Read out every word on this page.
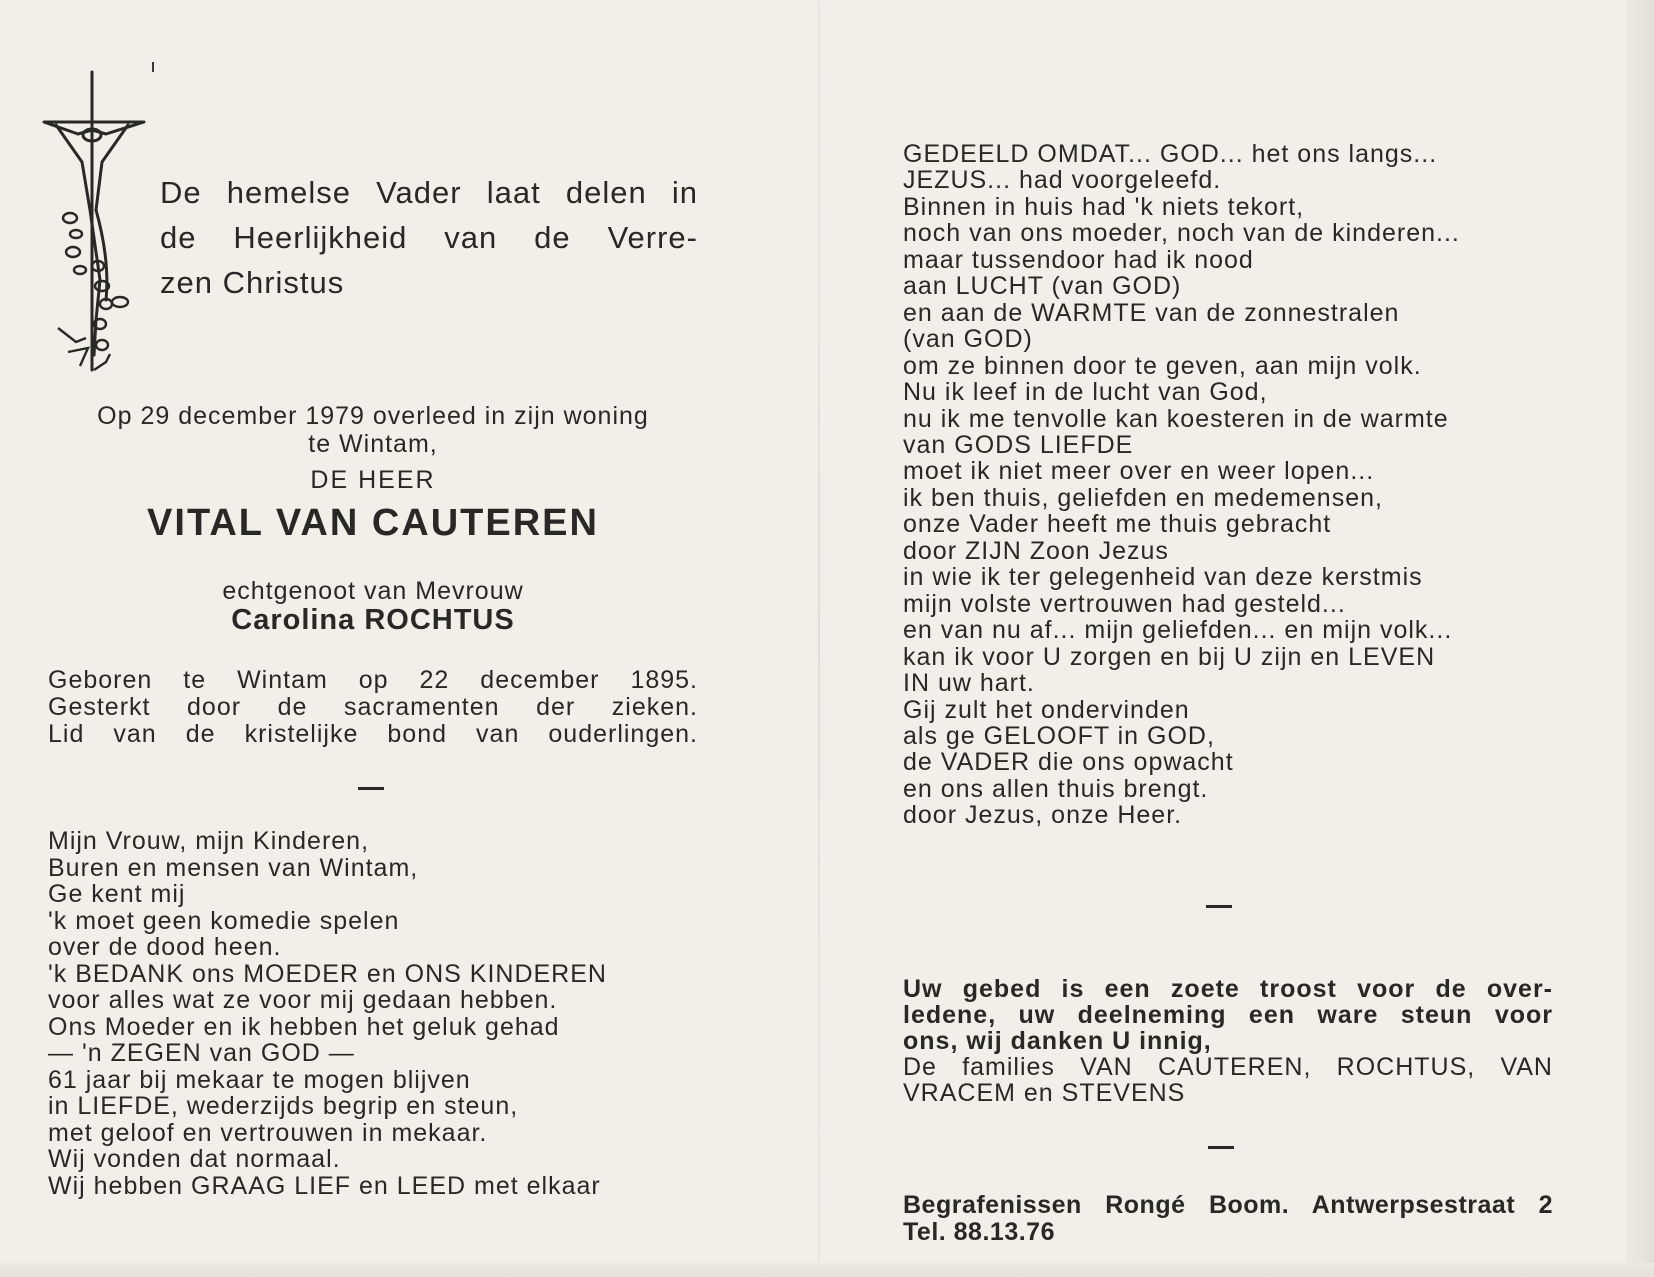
De hemelse Vader laat delen in
de Heerlijkheid van de Verre-
zen Christus
Op 29 december 1979 overleed in zijn woning
te Wintam,
DE HEER
VITAL VAN CAUTEREN
echtgenoot van Mevrouw
Carolina ROCHTUS
Geboren te Wintam op 22 december 1895.
Gesterkt door de sacramenten der zieken.
Lid van de kristelijke bond van ouderlingen.
Mijn Vrouw, mijn Kinderen,
Buren en mensen van Wintam,
Ge kent mij
'k moet geen komedie spelen
over de dood heen.
'k BEDANK ons MOEDER en ONS KINDEREN
voor alles wat ze voor mij gedaan hebben.
Ons Moeder en ik hebben het geluk gehad
— 'n ZEGEN van GOD —
61 jaar bij mekaar te mogen blijven
in LIEFDE, wederzijds begrip en steun,
met geloof en vertrouwen in mekaar.
Wij vonden dat normaal.
Wij hebben GRAAG LIEF en LEED met elkaar
GEDEELD OMDAT... GOD... het ons langs...
JEZUS... had voorgeleefd.
Binnen in huis had 'k niets tekort,
noch van ons moeder, noch van de kinderen...
maar tussendoor had ik nood
aan LUCHT (van GOD)
en aan de WARMTE van de zonnestralen
(van GOD)
om ze binnen door te geven, aan mijn volk.
Nu ik leef in de lucht van God,
nu ik me tenvolle kan koesteren in de warmte
van GODS LIEFDE
moet ik niet meer over en weer lopen...
ik ben thuis, geliefden en medemensen,
onze Vader heeft me thuis gebracht
door ZIJN Zoon Jezus
in wie ik ter gelegenheid van deze kerstmis
mijn volste vertrouwen had gesteld...
en van nu af... mijn geliefden... en mijn volk...
kan ik voor U zorgen en bij U zijn en LEVEN
IN uw hart.
Gij zult het ondervinden
als ge GELOOFT in GOD,
de VADER die ons opwacht
en ons allen thuis brengt.
door Jezus, onze Heer.
Uw gebed is een zoete troost voor de over-
ledene, uw deelneming een ware steun voor
ons, wij danken U innig,
De families VAN CAUTEREN, ROCHTUS, VAN
VRACEM en STEVENS
Begrafenissen Rongé Boom. Antwerpsestraat 2
Tel. 88.13.76
